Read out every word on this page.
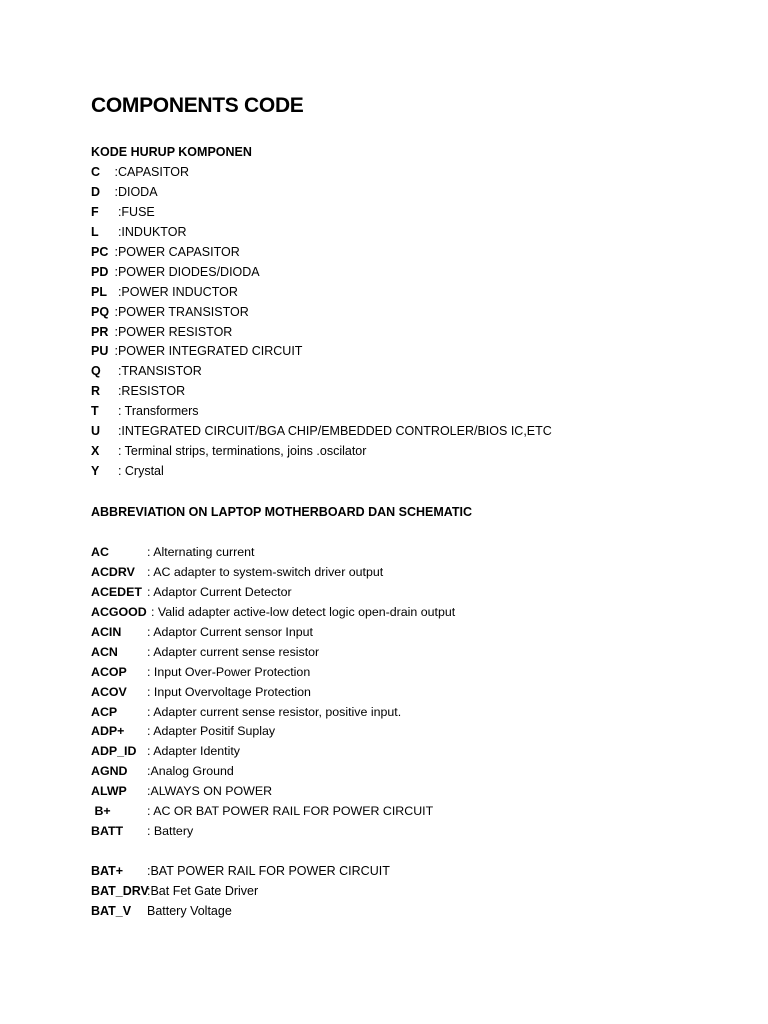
COMPONENTS CODE
KODE HURUP KOMPONEN
C  :CAPASITOR
D  :DIODA
F   :FUSE
L   :INDUKTOR
PC :POWER CAPASITOR
PD :POWER DIODES/DIODA
PL  :POWER INDUCTOR
PQ :POWER TRANSISTOR
PR :POWER RESISTOR
PU :POWER INTEGRATED CIRCUIT
Q   :TRANSISTOR
R   :RESISTOR
T   : Transformers
U   :INTEGRATED CIRCUIT/BGA CHIP/EMBEDDED CONTROLER/BIOS IC,ETC
X   : Terminal strips, terminations, joins .oscilator
Y   : Crystal
ABBREVIATION ON LAPTOP MOTHERBOARD DAN SCHEMATIC
AC	: Alternating current
ACDRV : AC adapter to system-switch driver output
ACEDET : Adaptor Current Detector
ACGOOD : Valid adapter active-low detect logic open-drain output
ACIN : Adaptor Current sensor Input
ACN : Adapter current sense resistor
ACOP : Input Over-Power Protection
ACOV : Input Overvoltage Protection
ACP : Adapter current sense resistor, positive input.
ADP+ : Adapter Positif Suplay
ADP_ID : Adapter Identity
AGND :Analog Ground
ALWP :ALWAYS ON POWER
B+	: AC OR BAT POWER RAIL FOR POWER CIRCUIT
BATT : Battery
BAT+ :BAT POWER RAIL FOR POWER CIRCUIT
BAT_DRV:Bat Fet Gate Driver
BAT_V Battery Voltage
